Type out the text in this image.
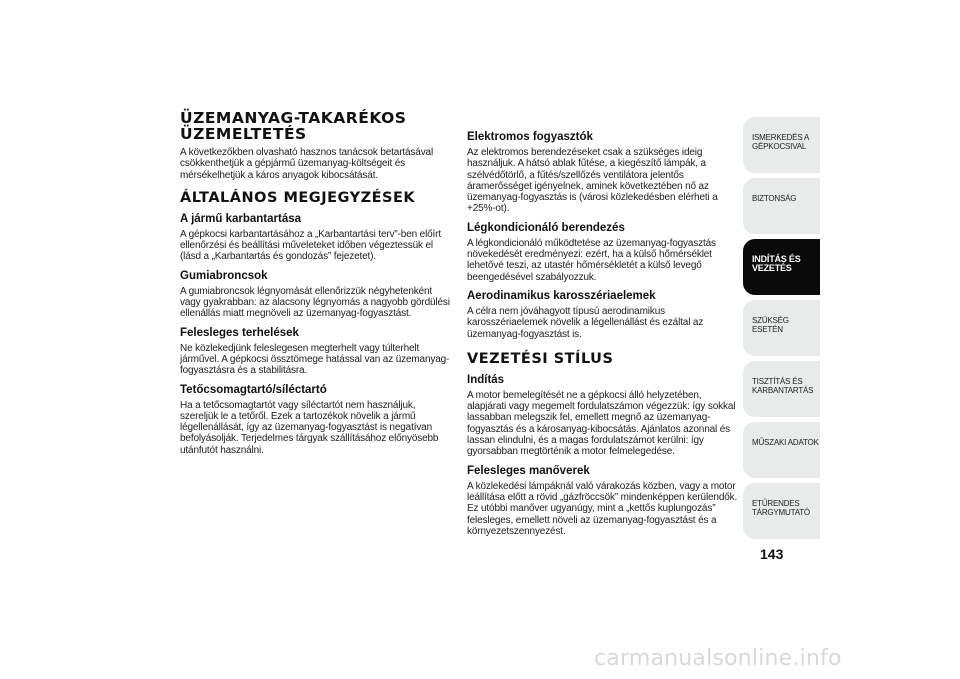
ÜZEMANYAG-TAKARÉKOS
ÜZEMELTETÉS

A következőkben olvasható hasznos tanácsok betartásával csökkenthetjük a gépjármű üzemanyag-költségeit és mérsékelhetjük a káros anyagok kibocsátását.

ÁLTALÁNOS MEGJEGYZÉSEK
A jármű karbantartása

A gépkocsi karbantartásához a „Karbantartási terv”-ben előírt ellenőrzési és beállítási műveleteket időben végeztessük el (lásd a „Karbantartás és gondozás” fejezetet).

Gumiabroncsok

A gumiabroncsok légnyomását ellenőrizzük négyhetenként vagy gyakrabban: az alacsony légnyomás a nagyobb gördülési ellenállás miatt megnöveli az üzemanyag-fogyasztást.

Felesleges terhelések

Ne közlekedjünk feleslegesen megterhelt vagy túlterhelt járművel. A gépkocsi össztömege hatással van az üzemanyag-fogyasztásra és a stabilitásra.

Tetőcsomagtartó/síléctartó

Ha a tetőcsomagtartót vagy síléctartót nem használjuk, szereljük le a tetőről. Ezek a tartozékok növelik a jármű légellenállását, így az üzemanyag-fogyasztást is negatívan befolyásolják. Terjedelmes tárgyak szállításához előnyösebb utánfutót használni.

Elektromos fogyasztók

Az elektromos berendezéseket csak a szükséges ideig használjuk. A hátsó ablak fűtése, a kiegészítő lámpák, a szélvédőtörlő, a fűtés/szellőzés ventilátora jelentős áramerősséget igényelnek, aminek következtében nő az üzemanyag-fogyasztás is (városi közlekedésben elérheti a +25%-ot).

Légkondicionáló berendezés

A légkondicionáló működtetése az üzemanyag-fogyasztás növekedését eredményezi: ezért, ha a külső hőmérséklet lehetővé teszi, az utastér hőmérsékletét a külső levegő beengedésével szabályozzuk.

Aerodinamikus karosszériaelemek

A célra nem jóváhagyott típusú aerodinamikus karosszériaelemek növelik a légellenállást és ezáltal az üzemanyag-fogyasztást is.

VEZETÉSI STÍLUS
Indítás

A motor bemelegítését ne a gépkocsi álló helyzetében, alapjárati vagy megemelt fordulatszámon végezzük: így sokkal lassabban melegszik fel, emellett megnő az üzemanyag-fogyasztás és a károsanyag-kibocsátás. Ajánlatos azonnal és lassan elindulni, és a magas fordulatszámot kerülni: így gyorsabban megtörténik a motor felmelegedése.

Felesleges manőverek

A közlekedési lámpáknál való várakozás közben, vagy a motor leállítása előtt a rövid „gázfröccsök” mindenképpen kerülendők. Ez utóbbi manőver ugyanúgy, mint a „kettős kuplungozás” felesleges, emellett növeli az üzemanyag-fogyasztást és a környezetszennyezést.

ISMERKEDÉS A
GÉPKOCSIVAL
BIZTONSÁG
INDÍTÁS ÉS
VEZETÉS
SZÜKSÉG ESETÉN
TISZTÍTÁS ÉS
KARBANTARTÁS
MŰSZAKI ADATOK
ETŰRENDES
TÁRGYMUTATÓ
143
carmanualsonline.info
